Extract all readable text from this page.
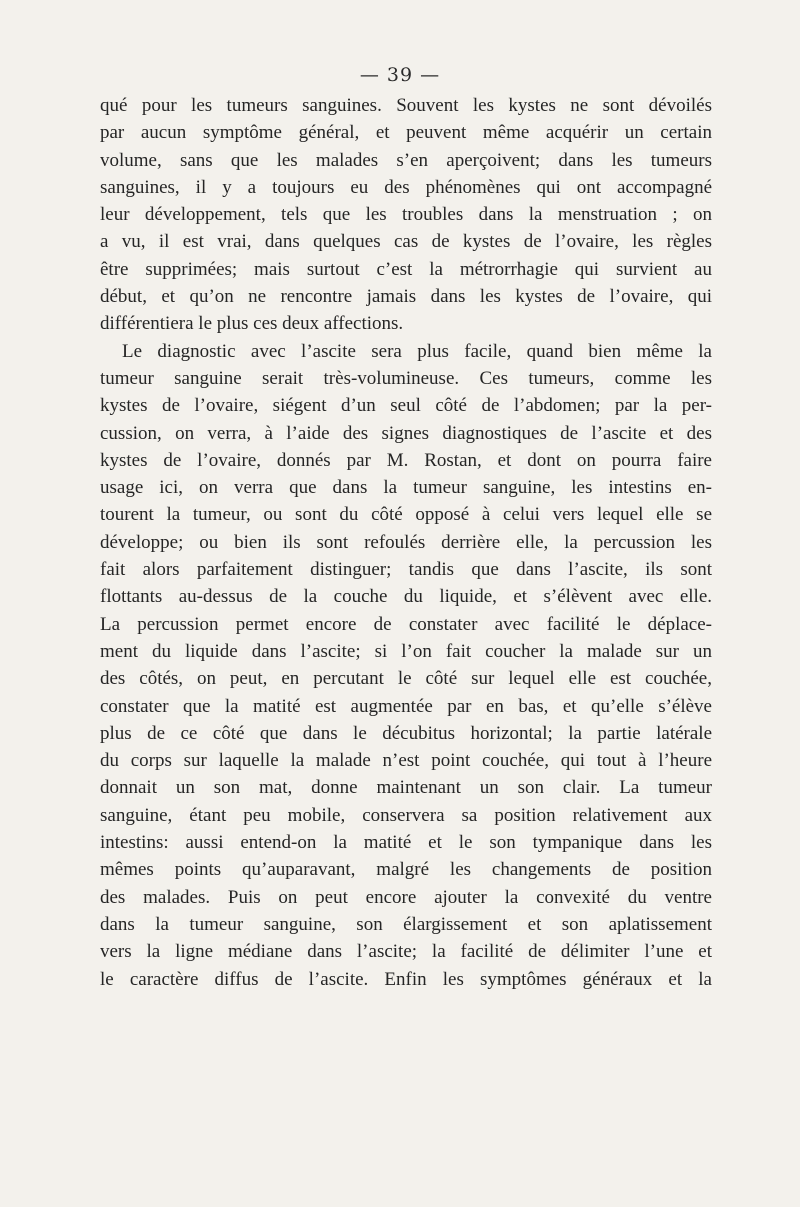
— 39 —
qué pour les tumeurs sanguines. Souvent les kystes ne sont dévoilés
par aucun symptôme général, et peuvent même acquérir un certain
volume, sans que les malades s’en aperçoivent; dans les tumeurs
sanguines, il y a toujours eu des phénomènes qui ont accompagné
leur développement, tels que les troubles dans la menstruation ; on
a vu, il est vrai, dans quelques cas de kystes de l’ovaire, les règles
être supprimées; mais surtout c’est la métrorrhagie qui survient au
début, et qu’on ne rencontre jamais dans les kystes de l’ovaire, qui
différentiera le plus ces deux affections.
Le diagnostic avec l’ascite sera plus facile, quand bien même la
tumeur sanguine serait très-volumineuse. Ces tumeurs, comme les
kystes de l’ovaire, siégent d’un seul côté de l’abdomen; par la per-
cussion, on verra, à l’aide des signes diagnostiques de l’ascite et des
kystes de l’ovaire, donnés par M. Rostan, et dont on pourra faire
usage ici, on verra que dans la tumeur sanguine, les intestins en-
tourent la tumeur, ou sont du côté opposé à celui vers lequel elle se
développe; ou bien ils sont refoulés derrière elle, la percussion les
fait alors parfaitement distinguer; tandis que dans l’ascite, ils sont
flottants au-dessus de la couche du liquide, et s’élèvent avec elle.
La percussion permet encore de constater avec facilité le déplace-
ment du liquide dans l’ascite; si l’on fait coucher la malade sur un
des côtés, on peut, en percutant le côté sur lequel elle est couchée,
constater que la matité est augmentée par en bas, et qu’elle s’élève
plus de ce côté que dans le décubitus horizontal; la partie latérale
du corps sur laquelle la malade n’est point couchée, qui tout à l’heure
donnait un son mat, donne maintenant un son clair. La tumeur
sanguine, étant peu mobile, conservera sa position relativement aux
intestins: aussi entend-on la matité et le son tympanique dans les
mêmes points qu’auparavant, malgré les changements de position
des malades. Puis on peut encore ajouter la convexité du ventre
dans la tumeur sanguine, son élargissement et son aplatissement
vers la ligne médiane dans l’ascite; la facilité de délimiter l’une et
le caractère diffus de l’ascite. Enfin les symptômes généraux et la
